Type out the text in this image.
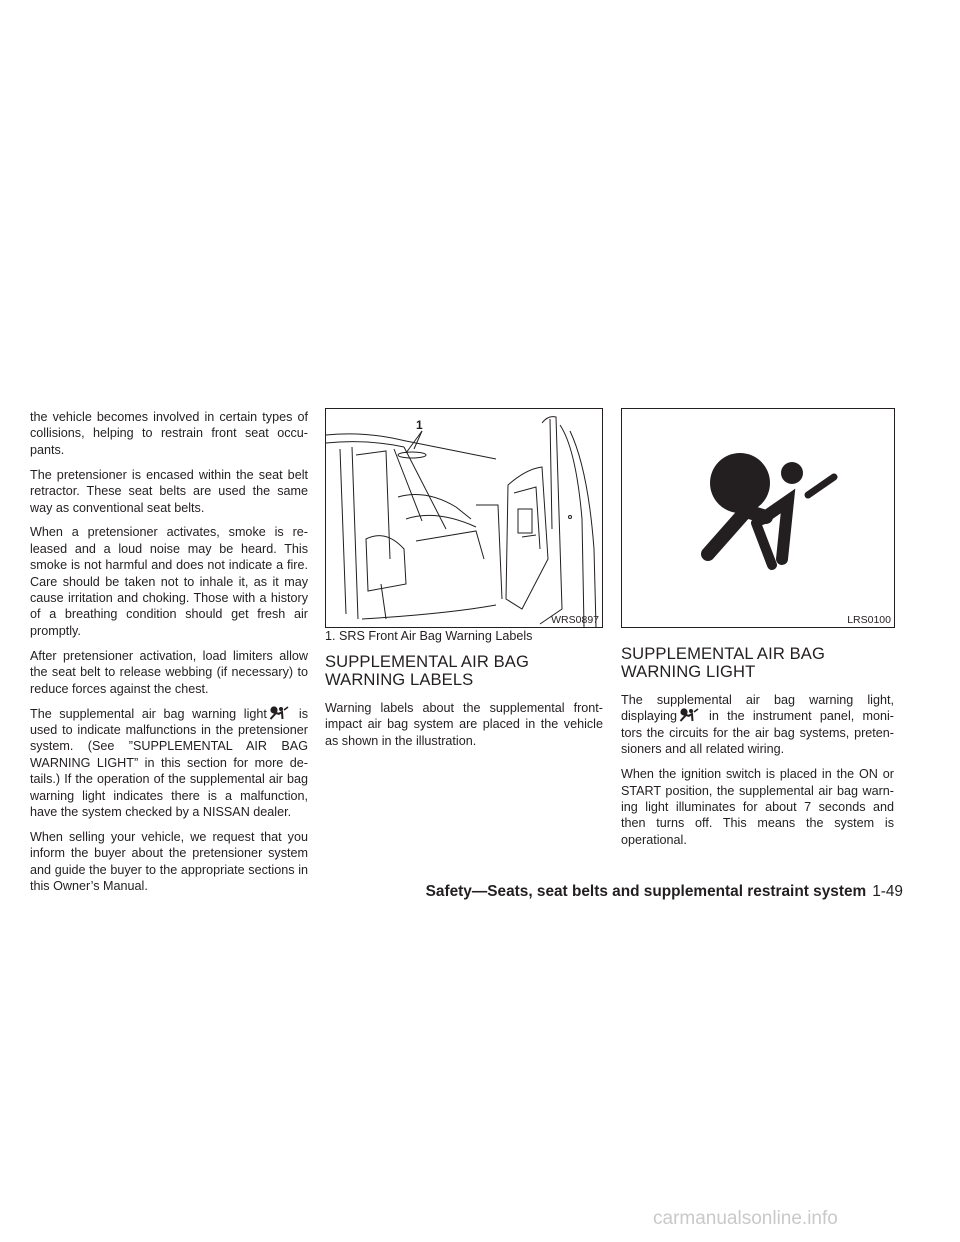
the vehicle becomes involved in certain types of collisions, helping to restrain front seat occu-pants.

The pretensioner is encased within the seat belt retractor. These seat belts are used the same way as conventional seat belts.

When a pretensioner activates, smoke is re-leased and a loud noise may be heard. This smoke is not harmful and does not indicate a fire. Care should be taken not to inhale it, as it may cause irritation and choking. Those with a history of a breathing condition should get fresh air promptly.

After pretensioner activation, load limiters allow the seat belt to release webbing (if necessary) to reduce forces against the chest.

The supplemental air bag warning light	is used to indicate malfunctions in the pretensioner system. (See ”SUPPLEMENTAL AIR BAG WARNING LIGHT” in this section for more de-tails.) If the operation of the supplemental air bag warning light indicates there is a malfunction, have the system checked by a NISSAN dealer.

When selling your vehicle, we request that you inform the buyer about the pretensioner system and guide the buyer to the appropriate sections in this Owner’s Manual.

1
WRS0897

1. SRS Front Air Bag Warning Labels

SUPPLEMENTAL AIR BAG WARNING LABELS

Warning labels about the supplemental front-impact air bag system are placed in the vehicle as shown in the illustration.

LRS0100
SUPPLEMENTAL AIR BAG WARNING LIGHT

The supplemental air bag warning light, displaying	in the instrument panel, moni-tors the circuits for the air bag systems, preten-sioners and all related wiring.

When the ignition switch is placed in the ON or START position, the supplemental air bag warn-ing light illuminates for about 7 seconds and then turns off. This means the system is operational.

Safety—Seats, seat belts and supplemental restraint system 1-49
carmanualsonline.info
